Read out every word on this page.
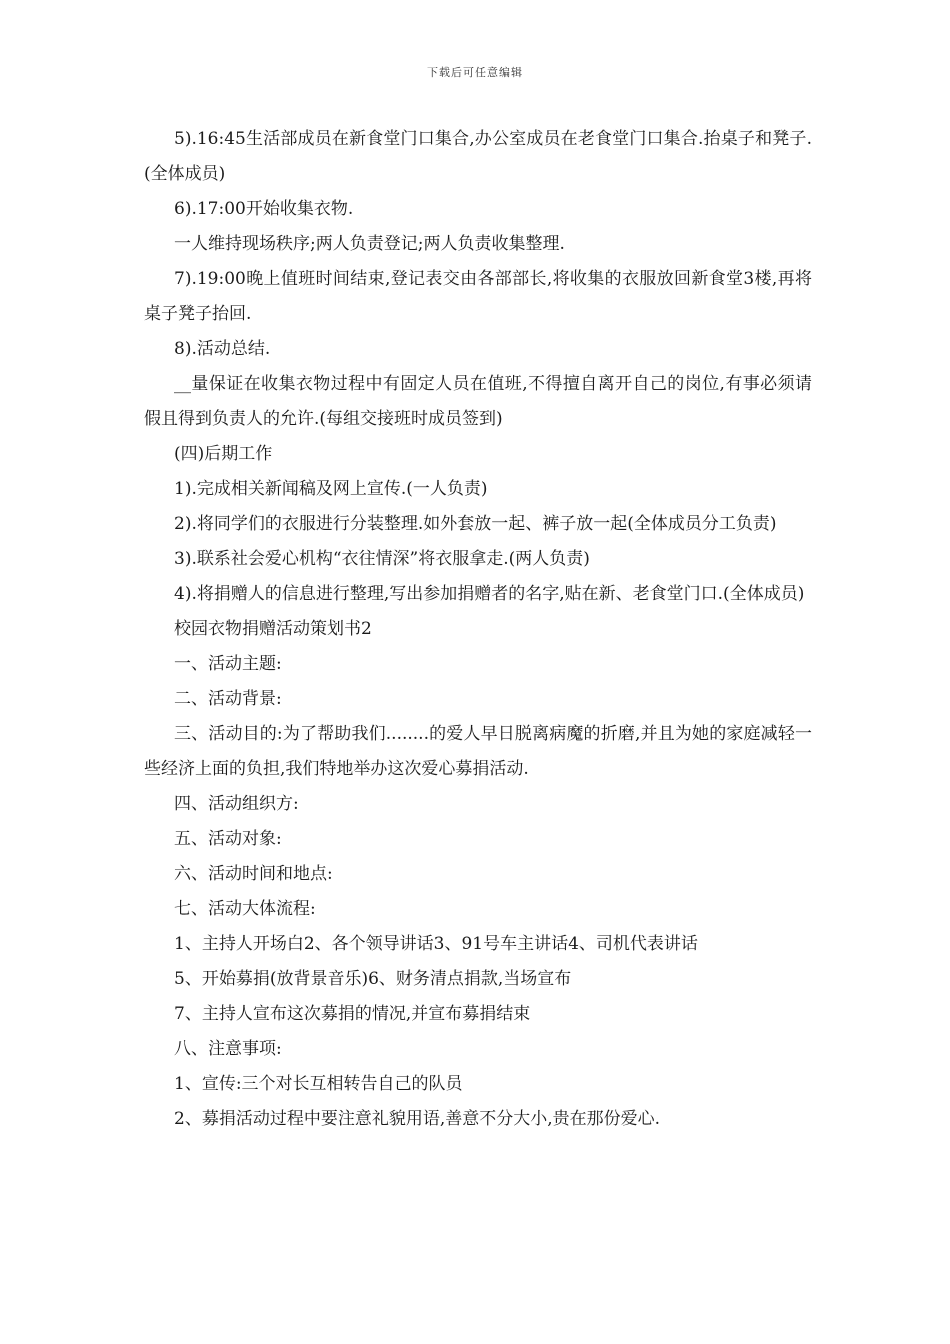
下载后可任意编辑

5).16:45生活部成员在新食堂门口集合,办公室成员在老食堂门口集合.抬桌子和凳子.(全体成员)

6).17:00开始收集衣物.

一人维持现场秩序;两人负责登记;两人负责收集整理.

7).19:00晚上值班时间结束,登记表交由各部部长,将收集的衣服放回新食堂3楼,再将桌子凳子抬回.

8).活动总结.

__量保证在收集衣物过程中有固定人员在值班,不得擅自离开自己的岗位,有事必须请假且得到负责人的允许.(每组交接班时成员签到)

(四)后期工作

1).完成相关新闻稿及网上宣传.(一人负责)

2).将同学们的衣服进行分装整理.如外套放一起、裤子放一起(全体成员分工负责)

3).联系社会爱心机构“衣往情深”将衣服拿走.(两人负责)

4).将捐赠人的信息进行整理,写出参加捐赠者的名字,贴在新、老食堂门口.(全体成员)

校园衣物捐赠活动策划书2

一、活动主题:

二、活动背景:

三、活动目的:为了帮助我们........的爱人早日脱离病魔的折磨,并且为她的家庭减轻一些经济上面的负担,我们特地举办这次爱心募捐活动.

四、活动组织方:

五、活动对象:

六、活动时间和地点:

七、活动大体流程:

1、主持人开场白2、各个领导讲话3、91号车主讲话4、司机代表讲话

5、开始募捐(放背景音乐)6、财务清点捐款,当场宣布

7、主持人宣布这次募捐的情况,并宣布募捐结束

八、注意事项:

1、宣传:三个对长互相转告自己的队员

2、募捐活动过程中要注意礼貌用语,善意不分大小,贵在那份爱心.
